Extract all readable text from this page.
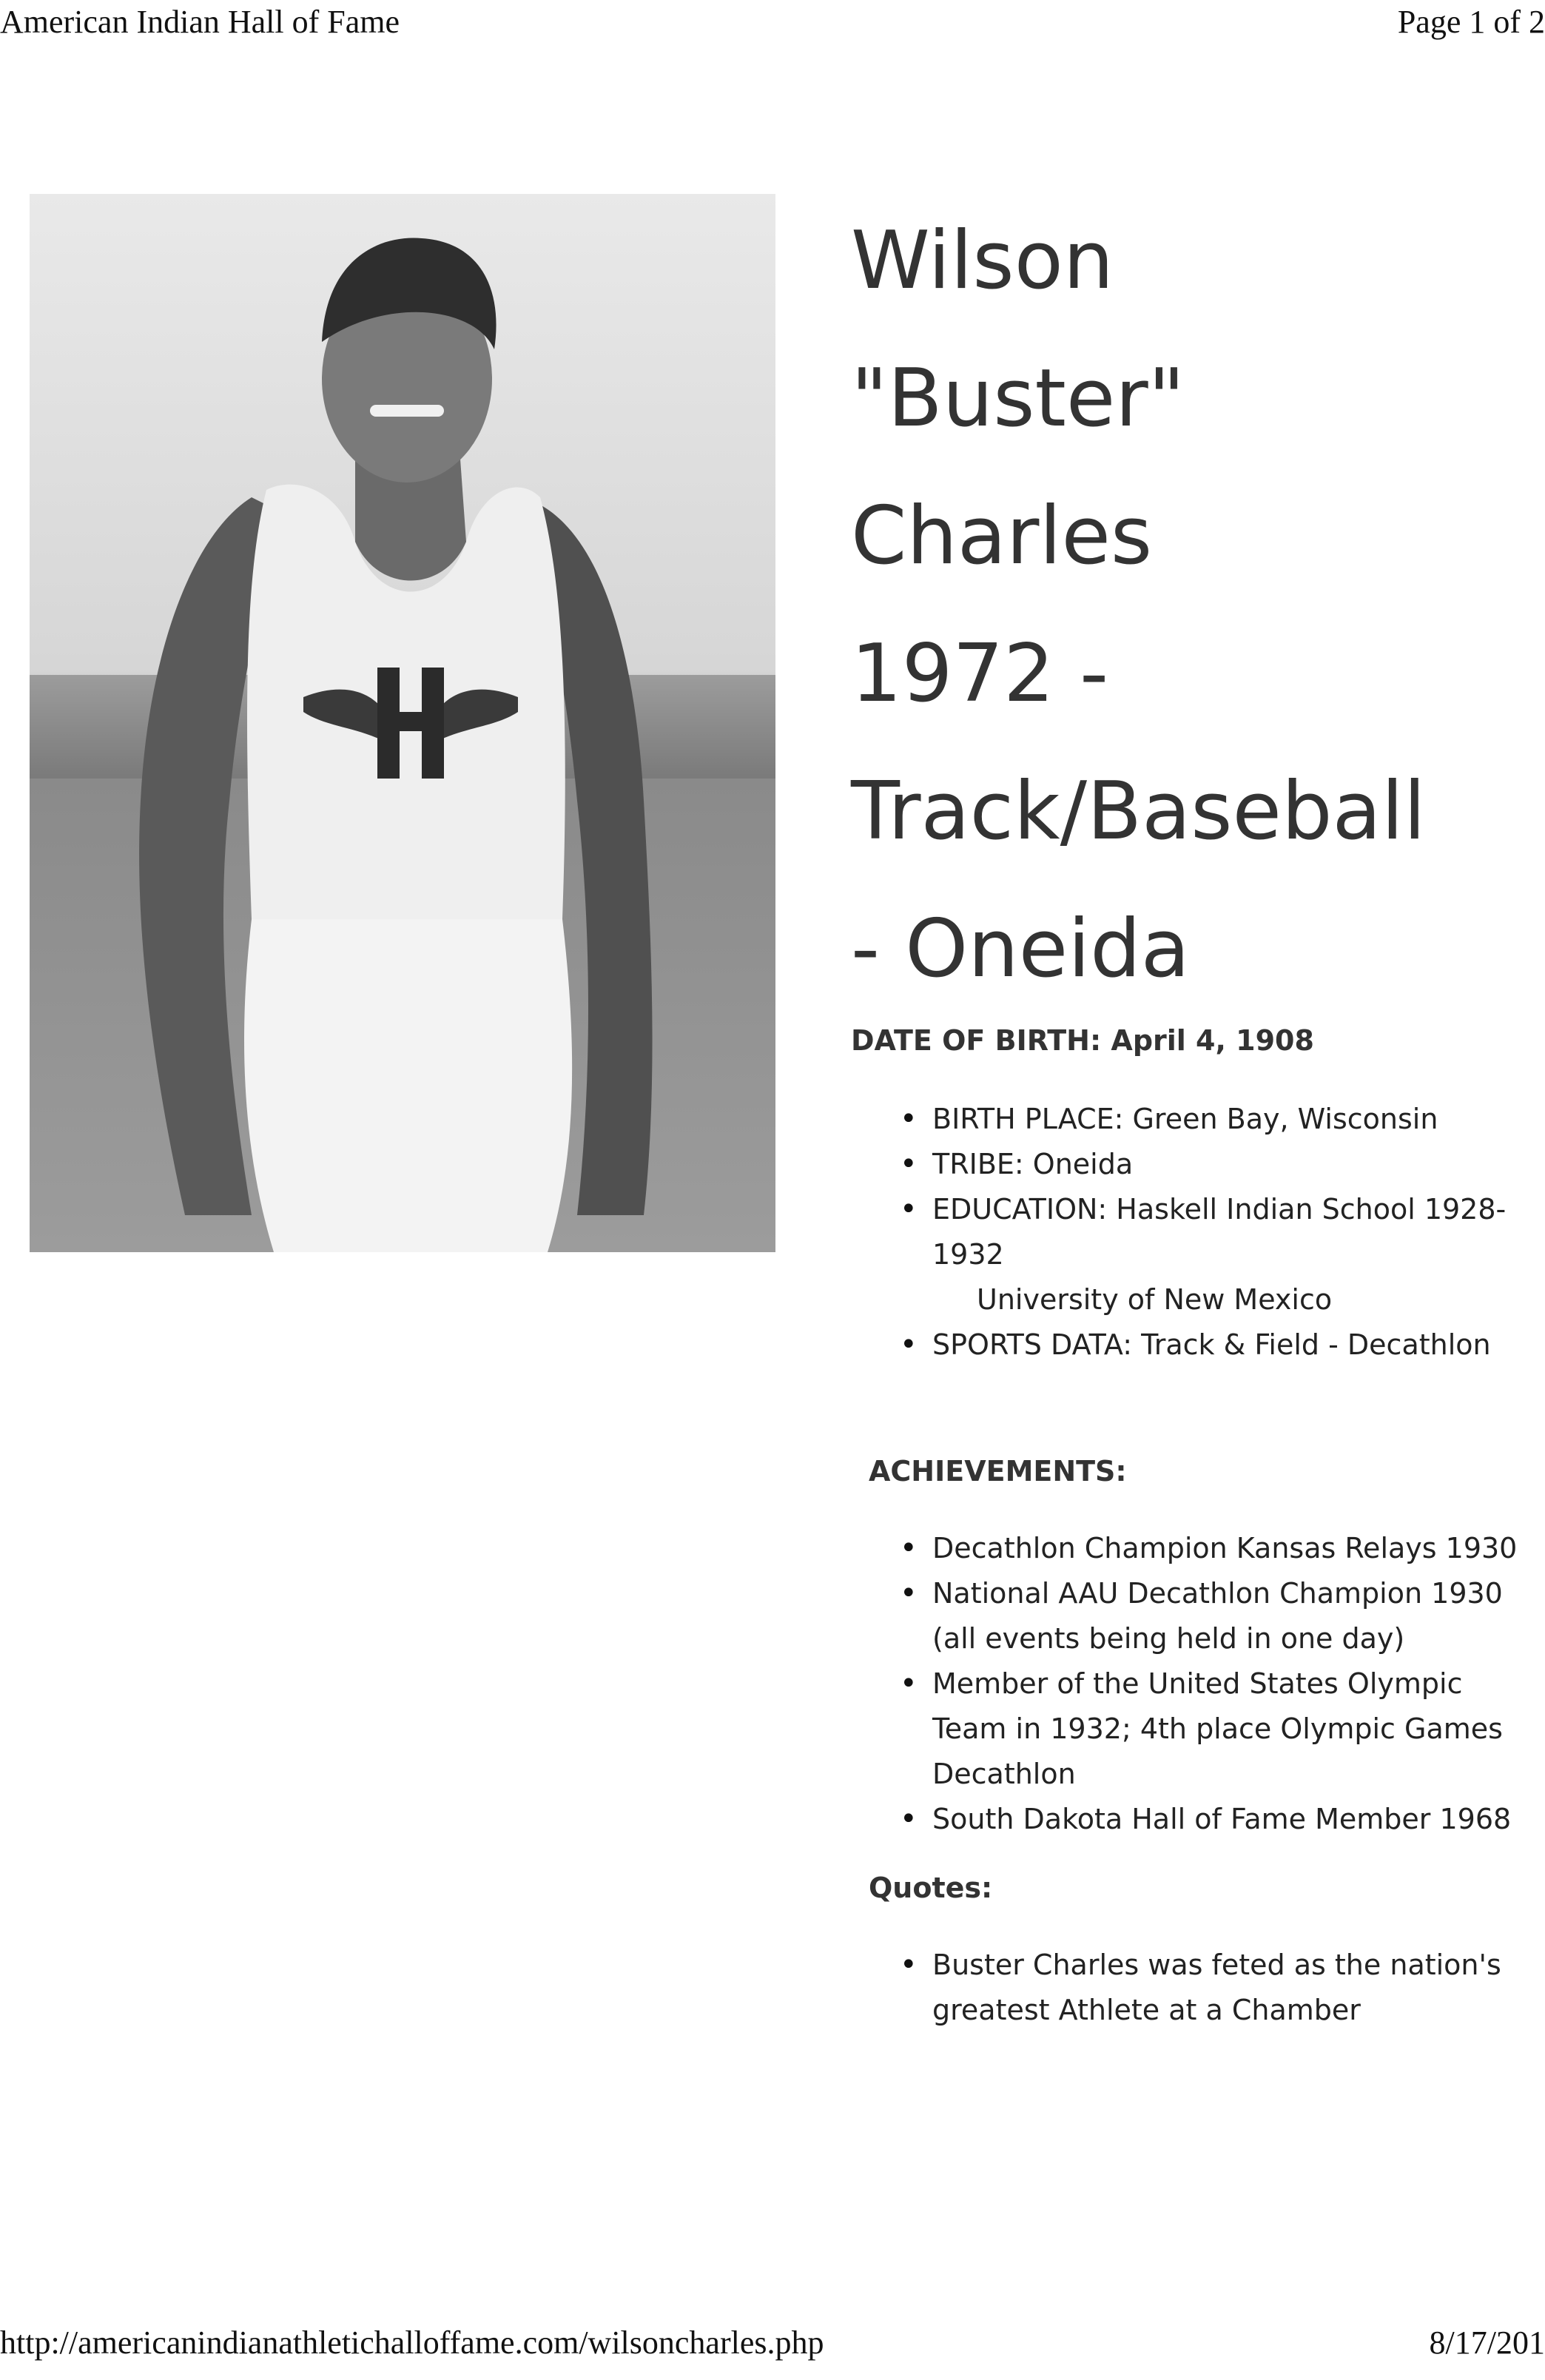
American Indian Hall of Fame	Page 1 of 2
Wilson
"Buster"
Charles
1972 -
Track/Baseball
- Oneida
DATE OF BIRTH: April 4, 1908
• BIRTH PLACE: Green Bay, Wisconsin
• TRIBE: Oneida
• EDUCATION: Haskell Indian School 1928-1932
University of New Mexico
• SPORTS DATA: Track & Field - Decathlon
ACHIEVEMENTS:
• Decathlon Champion Kansas Relays 1930
• National AAU Decathlon Champion 1930 (all events being held in one day)
• Member of the United States Olympic Team in 1932; 4th place Olympic Games Decathlon
• South Dakota Hall of Fame Member 1968
Quotes:
• Buster Charles was feted as the nation's greatest Athlete at a Chamber
http://americanindianathletichalloffame.com/wilsoncharles.php	8/17/201
